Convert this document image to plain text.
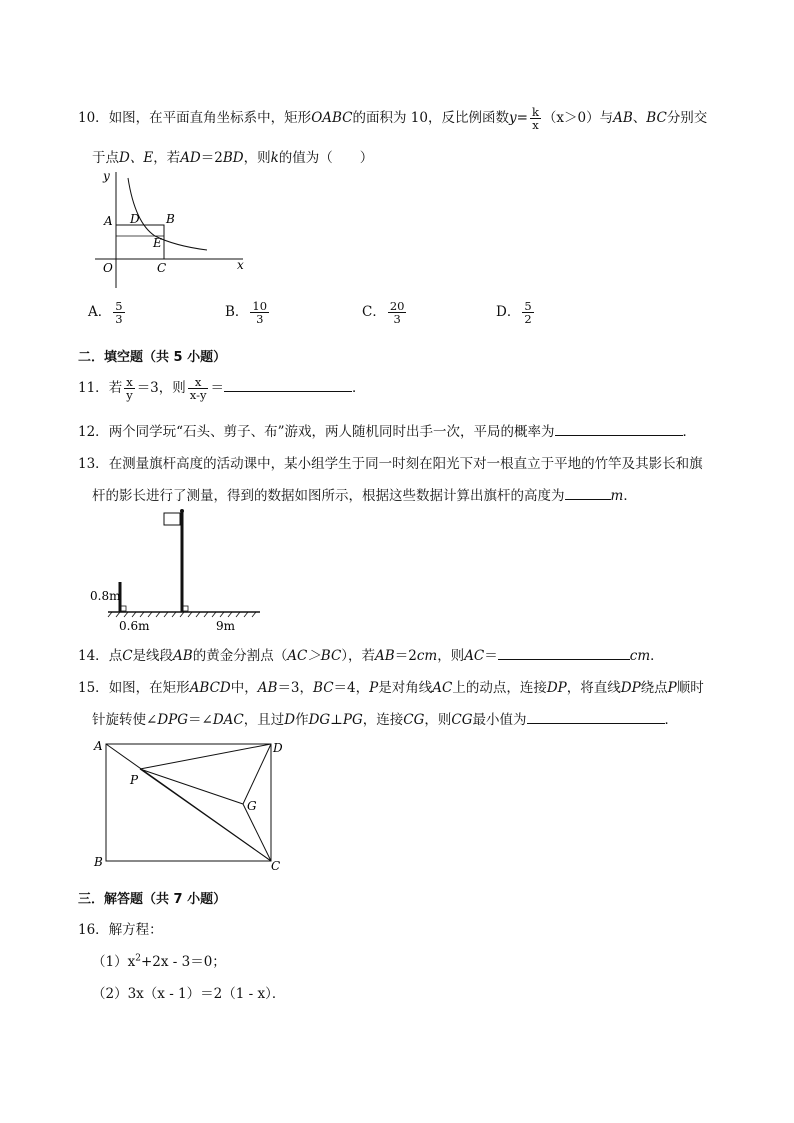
10．如图，在平面直角坐标系中，矩形OABC的面积为 10，反比例函数$y= \frac{k}{x} (x>0)$与AB、BC分别交
于点D、E，若AD＝2BD，则k的值为（　　）
y
x
A D B
E
O	C
A． $\frac{5}{3}$	B． $\frac{10}{3}$	C． $\frac{20}{3}$	D． $\frac{5}{2}$
二．填空题（共 5 小题）
11．若 $\frac{x}{y} =3$，则 $\frac{x}{x-y}$ ＝	．
12．两个同学玩“石头、剪子、布”游戏，两人随机同时出手一次，平局的概率为	．
13．在测量旗杆高度的活动课中，某小组学生于同一时刻在阳光下对一根直立于平地的竹竿及其影长和旗
杆的影长进行了测量，得到的数据如图所示，根据这些数据计算出旗杆的高度为	m．
0.8m
0.6m	9m
14．点C是线段AB的黄金分割点（AC＞BC），若AB＝2cm，则AC＝	cm．
15．如图，在矩形ABCD中，AB＝3，BC＝4，P是对角线AC上的动点，连接DP，将直线DP绕点P顺时
针旋转使∠DPG＝∠DAC，且过D作DG⊥PG，连接CG，则CG最小值为	．
A	D
B	C
P
G
三．解答题（共 7 小题）
16．解方程：
$(1)x^2+2x - 3=0$；
（2）3x（x - 1）＝2（1 - x）．
